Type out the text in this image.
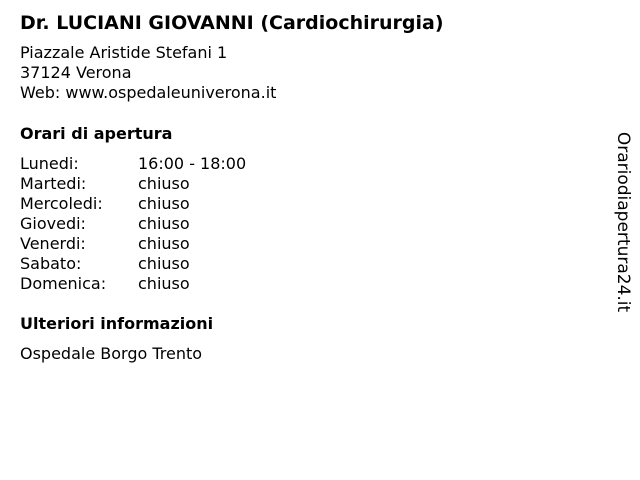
Dr. LUCIANI GIOVANNI (Cardiochirurgia)
Piazzale Aristide Stefani 1
37124 Verona
Web: www.ospedaleuniverona.it
Orari di apertura
Lunedi:	16:00 - 18:00
Martedi:	chiuso
Mercoledi:	chiuso
Giovedi:	chiuso
Venerdi:	chiuso
Sabato:	chiuso
Domenica:	chiuso
Ulteriori informazioni
Ospedale Borgo Trento
Orariodiapertura24.it
